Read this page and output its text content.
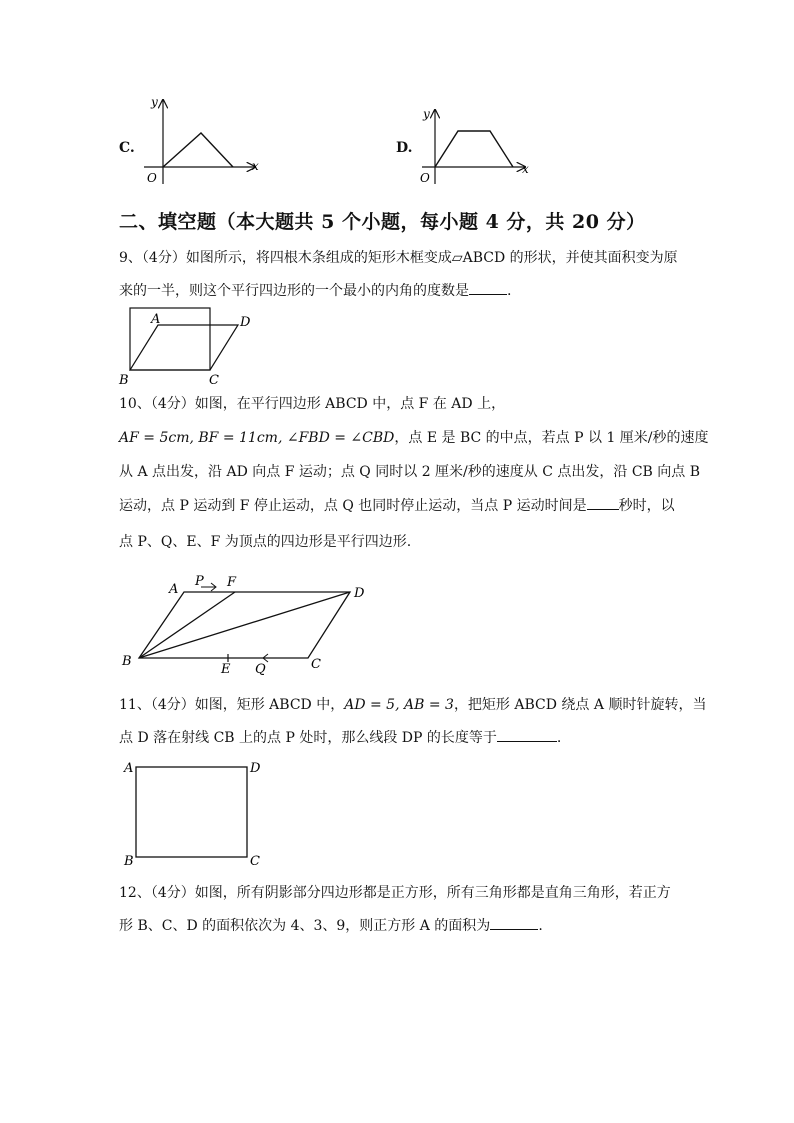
C.
y
x
O
D.
y
x
O
二、填空题（本大题共 5 个小题，每小题 4 分，共 20 分）
9、（4分）如图所示，将四根木条组成的矩形木框变成▱ABCD 的形状，并使其面积变为原
来的一半，则这个平行四边形的一个最小的内角的度数是	.
A	D
B	C
10、（4分）如图，在平行四边形 ABCD 中，点 F 在 AD 上，
AF = 5cm, BF = 11cm, ∠FBD = ∠CBD，点 E 是 BC 的中点，若点 P 以 1 厘米/秒的速度
从 A 点出发，沿 AD 向点 F 运动；点 Q 同时以 2 厘米/秒的速度从 C 点出发，沿 CB 向点 B
运动，点 P 运动到 F 停止运动，点 Q 也同时停止运动，当点 P 运动时间是 秒时，以
点 P、Q、E、F 为顶点的四边形是平行四边形.
A
P F
D
B
E Q	C
11、（4分）如图，矩形 ABCD 中，AD = 5, AB = 3，把矩形 ABCD 绕点 A 顺时针旋转，当
点 D 落在射线 CB 上的点 P 处时，那么线段 DP 的长度等于	.
A	D
B	C
12、（4分）如图，所有阴影部分四边形都是正方形，所有三角形都是直角三角形，若正方
形 B、C、D 的面积依次为 4、3、9，则正方形 A 的面积为	.
